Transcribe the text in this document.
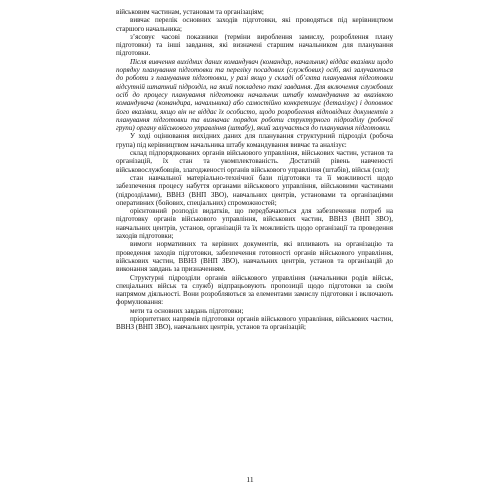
військовим частинам, установам та організаціям;

вивчає перелік основних заходів підготовки, які проводяться під керівництвом старшого начальника;

з’ясовує часові показники (терміни вироблення замислу, розроблення плану підготовки) та інші завдання, які визначені старшим начальником для планування підготовки.

Після вивчення вихідних даних командувач (командир, начальник) віддає вказівки щодо порядку планування підготовки та переліку посадових (службових) осіб, які залучаються до роботи з планування підготовки, у разі якщо у складі об’єкта планування підготовки відсутній штатний підрозділ, на який покладено такі завдання. Для включення службових осіб до процесу планування підготовки начальник штабу командування за вказівкою командувача (командира, начальника) або самостійно конкретизує (деталізує) і доповнює його вказівки, якщо він не віддає їх особисто, щодо розроблення відповідних документів з планування підготовки та визначає порядок роботи структурного підрозділу (робочої групи) органу військового управління (штабу), який залучається до планування підготовки.

У ході оцінювання вихідних даних для планування структурний підрозділ (робоча група) під керівництвом начальника штабу командування вивчає та аналізує:

склад підпорядкованих органів військового управління, військових частин, установ та організацій, їх стан та укомплектованість. Достатній рівень навченості військовослужбовців, злагодженості органів військового управління (штабів), військ (сил);

стан навчальної матеріально-технічної бази підготовки та її можливості щодо забезпечення процесу набуття органами військового управління, військовими частинами (підрозділами), ВВНЗ (ВНП ЗВО), навчальних центрів, установами та організаціями оперативних (бойових, спеціальних) спроможностей;

орієнтовний розподіл видатків, що передбачаються для забезпечення потреб на підготовку органів військового управління, військових частин, ВВНЗ (ВНП ЗВО), навчальних центрів, установ, організацій та їх можливість щодо організації та проведення заходів підготовки;

вимоги нормативних та керівних документів, які впливають на організацію та проведення заходів підготовки, забезпечення готовності органів військового управління, військових частин, ВВНЗ (ВНП ЗВО), навчальних центрів, установ та організацій до виконання завдань за призначенням.

Структурні підрозділи органів військового управління (начальники родів військ, спеціальних військ та служб) відпрацьовують пропозиції щодо підготовки за своїм напрямом діяльності. Вони розробляються за елементами замислу підготовки і включають формулювання:

мети та основних завдань підготовки;

пріоритетних напрямів підготовки органів військового управління, військових частин, ВВНЗ (ВНП ЗВО), навчальних центрів, установ та організацій;

11
